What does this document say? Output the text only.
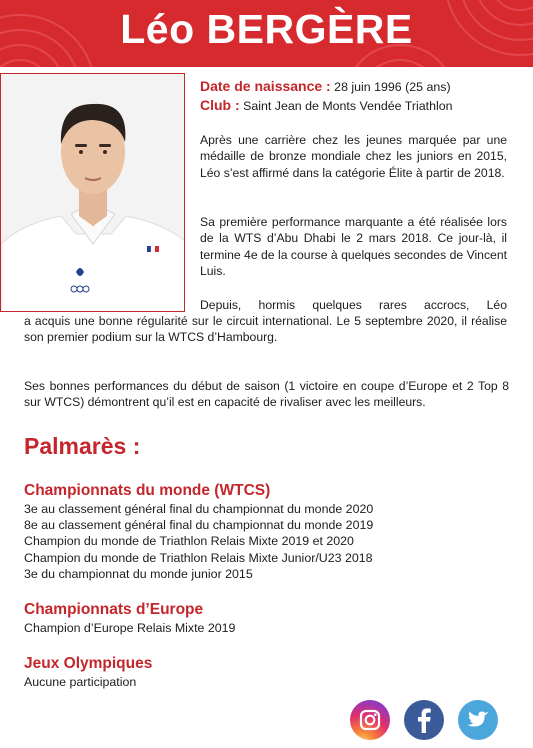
Léo BERGÈRE
Date de naissance : 28 juin 1996 (25 ans)
Club : Saint Jean de Monts Vendée Triathlon
Après une carrière chez les jeunes marquée par une médaille de bronze mondiale chez les juniors en 2015, Léo s’est affirmé dans la catégorie Élite à partir de 2018.
Sa première performance marquante a été réalisée lors de la WTS d’Abu Dhabi le 2 mars 2018. Ce jour-là, il termine 4e de la course à quelques secondes de Vincent Luis.
Depuis, hormis quelques rares accrocs, Léo
a acquis une bonne régularité sur le circuit international. Le 5 septembre 2020, il réalise son premier podium sur la WTCS d’Hambourg.
Ses bonnes performances du début de saison (1 victoire en coupe d’Europe et 2 Top 8 sur WTCS) démontrent qu’il est en capacité de rivaliser avec les meilleurs.
Palmarès :
Championnats du monde (WTCS)
3e au classement général final du championnat du monde 2020
8e au classement général final du championnat du monde 2019
Champion du monde de Triathlon Relais Mixte 2019 et 2020
Champion du monde de Triathlon Relais Mixte Junior/U23 2018
3e du championnat du monde junior 2015
Championnats d’Europe
Champion d’Europe Relais Mixte 2019
Jeux Olympiques
Aucune participation
